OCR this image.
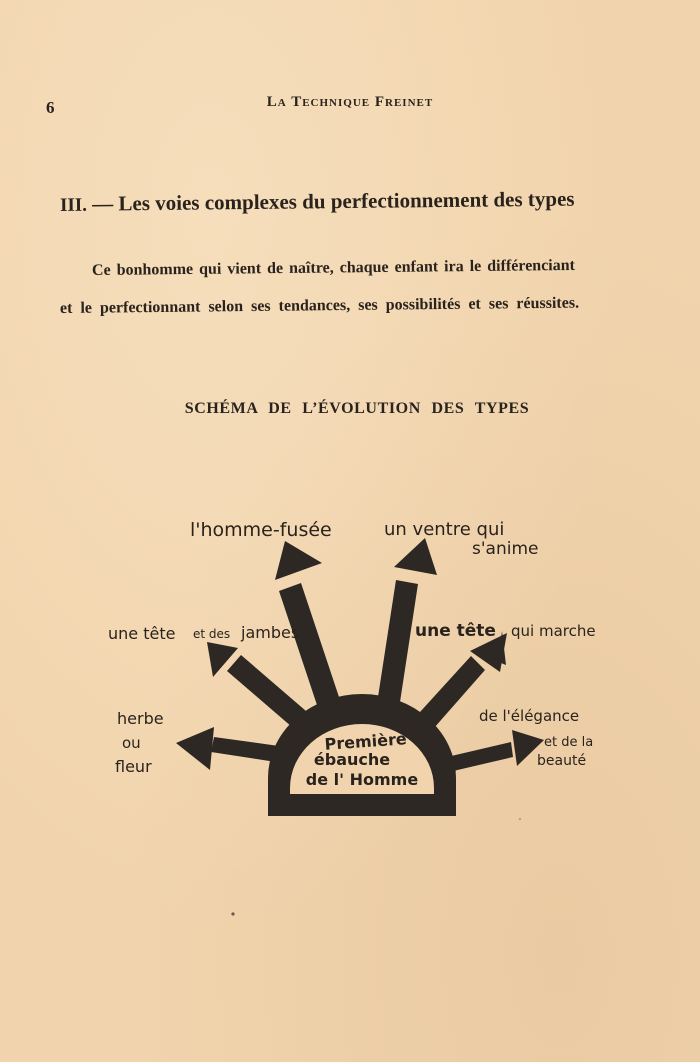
6	La Technique Freinet
III. — Les voies complexes du perfectionnement des types
Ce bonhomme qui vient de naître, chaque enfant ira le différenciant
et le perfectionnant selon ses tendances, ses possibilités et ses réussites.
SCHÉMA DE L’ÉVOLUTION DES TYPES
Première
ébauche
de l' Homme
l'homme-fusée	un ventre qui
s'anime
une tête et des jambes	une tête qui marche
herbe
ou
fleur
de l'élégance
et de la
beauté
